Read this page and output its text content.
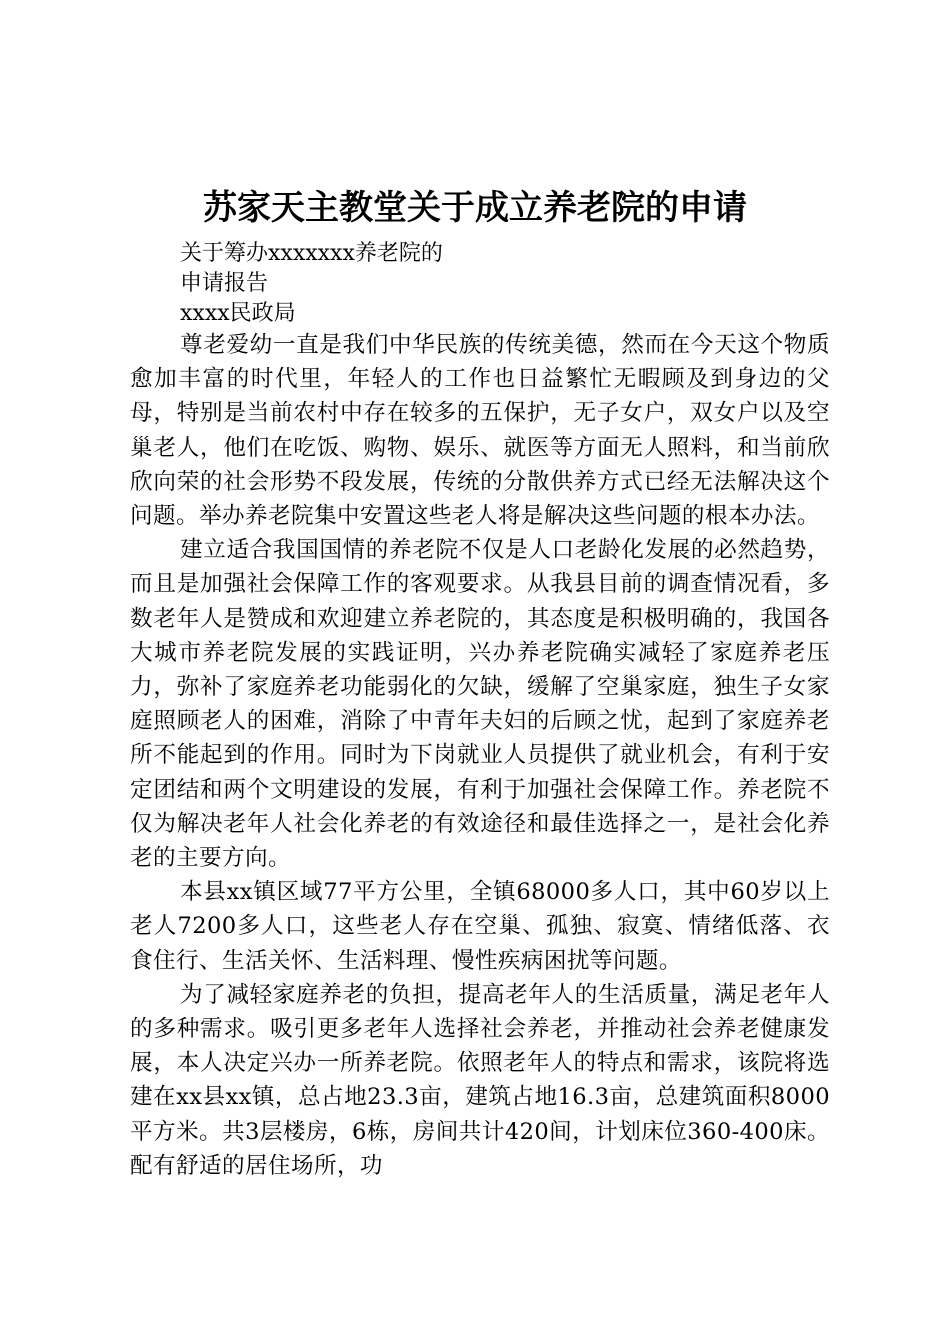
苏家天主教堂关于成立养老院的申请
关于筹办xxxxxxx养老院的
申请报告
xxxx民政局

尊老爱幼一直是我们中华民族的传统美德，然而在今天这个物质愈加丰富的时代里，年轻人的工作也日益繁忙无暇顾及到身边的父母，特别是当前农村中存在较多的五保护，无子女户，双女户以及空巢老人，他们在吃饭、购物、娱乐、就医等方面无人照料，和当前欣欣向荣的社会形势不段发展，传统的分散供养方式已经无法解决这个问题。举办养老院集中安置这些老人将是解决这些问题的根本办法。

建立适合我国国情的养老院不仅是人口老龄化发展的必然趋势，而且是加强社会保障工作的客观要求。从我县目前的调查情况看，多数老年人是赞成和欢迎建立养老院的，其态度是积极明确的，我国各大城市养老院发展的实践证明，兴办养老院确实减轻了家庭养老压力，弥补了家庭养老功能弱化的欠缺，缓解了空巢家庭，独生子女家庭照顾老人的困难，消除了中青年夫妇的后顾之忧，起到了家庭养老所不能起到的作用。同时为下岗就业人员提供了就业机会，有利于安定团结和两个文明建设的发展，有利于加强社会保障工作。养老院不仅为解决老年人社会化养老的有效途径和最佳选择之一，是社会化养老的主要方向。

本县xx镇区域77平方公里，全镇68000多人口，其中60岁以上老人7200多人口，这些老人存在空巢、孤独、寂寞、情绪低落、衣食住行、生活关怀、生活料理、慢性疾病困扰等问题。

为了减轻家庭养老的负担，提高老年人的生活质量，满足老年人的多种需求。吸引更多老年人选择社会养老，并推动社会养老健康发展，本人决定兴办一所养老院。依照老年人的特点和需求，该院将选建在xx县xx镇，总占地23.3亩，建筑占地16.3亩，总建筑面积8000平方米。共3层楼房，6栋，房间共计420间，计划床位360-400床。配有舒适的居住场所，功
